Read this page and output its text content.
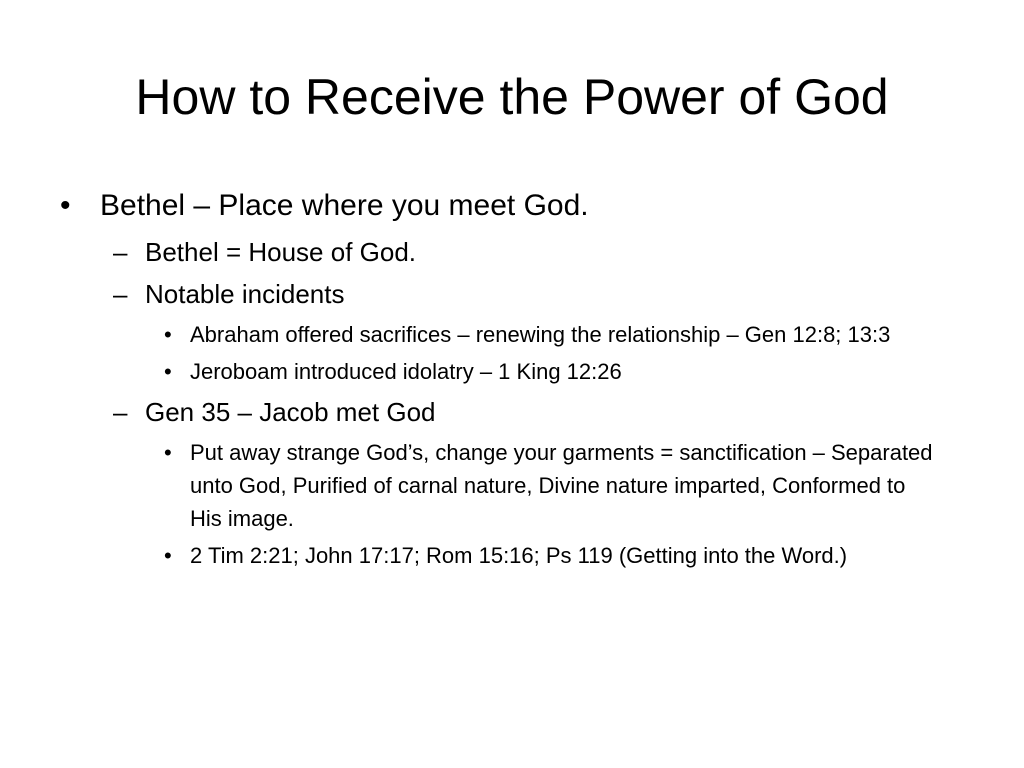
How to Receive the Power of God
• Bethel – Place where you meet God.
– Bethel = House of God.
– Notable incidents
• Abraham offered sacrifices – renewing the relationship – Gen 12:8; 13:3
• Jeroboam introduced idolatry – 1 King 12:26
– Gen 35 – Jacob met God
• Put away strange God’s, change your garments = sanctification – Separated unto God, Purified of carnal nature, Divine nature imparted, Conformed to His image.
• 2 Tim 2:21; John 17:17; Rom 15:16; Ps 119 (Getting into the Word.)
